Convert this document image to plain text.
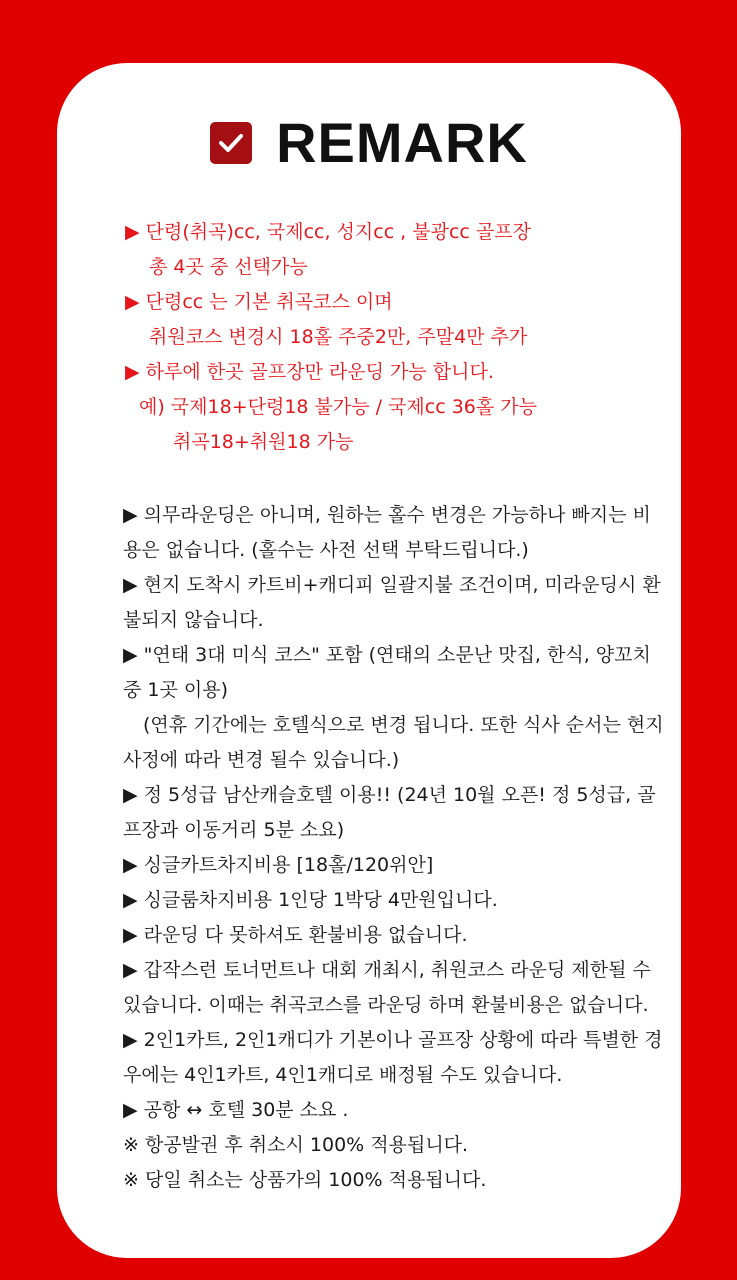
REMARK
▶ 단령(취곡)cc, 국제cc, 성지cc , 불광cc 골프장
총 4곳 중 선택가능
▶ 단령cc 는 기본 취곡코스 이며
취원코스 변경시 18홀 주중2만, 주말4만 추가
▶ 하루에 한곳 골프장만 라운딩 가능 합니다.
예) 국제18+단령18 불가능 / 국제cc 36홀 가능
취곡18+취원18 가능
▶ 의무라운딩은 아니며, 원하는 홀수 변경은 가능하나 빠지는 비
용은 없습니다. (홀수는 사전 선택 부탁드립니다.)
▶ 현지 도착시 카트비+캐디피 일괄지불 조건이며, 미라운딩시 환
불되지 않습니다.
▶ "연태 3대 미식 코스" 포함 (연태의 소문난 맛집, 한식, 양꼬치
중 1곳 이용)
(연휴 기간에는 호텔식으로 변경 됩니다. 또한 식사 순서는 현지
사정에 따라 변경 될수 있습니다.)
▶ 정 5성급 남산캐슬호텔 이용!! (24년 10월 오픈! 정 5성급, 골
프장과 이동거리 5분 소요)
▶ 싱글카트차지비용 [18홀/120위안]
▶ 싱글룸차지비용 1인당 1박당 4만원입니다.
▶ 라운딩 다 못하셔도 환불비용 없습니다.
▶ 갑작스런 토너먼트나 대회 개최시, 취원코스 라운딩 제한될 수
있습니다. 이때는 취곡코스를 라운딩 하며 환불비용은 없습니다.
▶ 2인1카트, 2인1캐디가 기본이나 골프장 상황에 따라 특별한 경
우에는 4인1카트, 4인1캐디로 배정될 수도 있습니다.
▶ 공항 ↔ 호텔 30분 소요 .
※ 항공발권 후 취소시 100% 적용됩니다.
※ 당일 취소는 상품가의 100% 적용됩니다.
